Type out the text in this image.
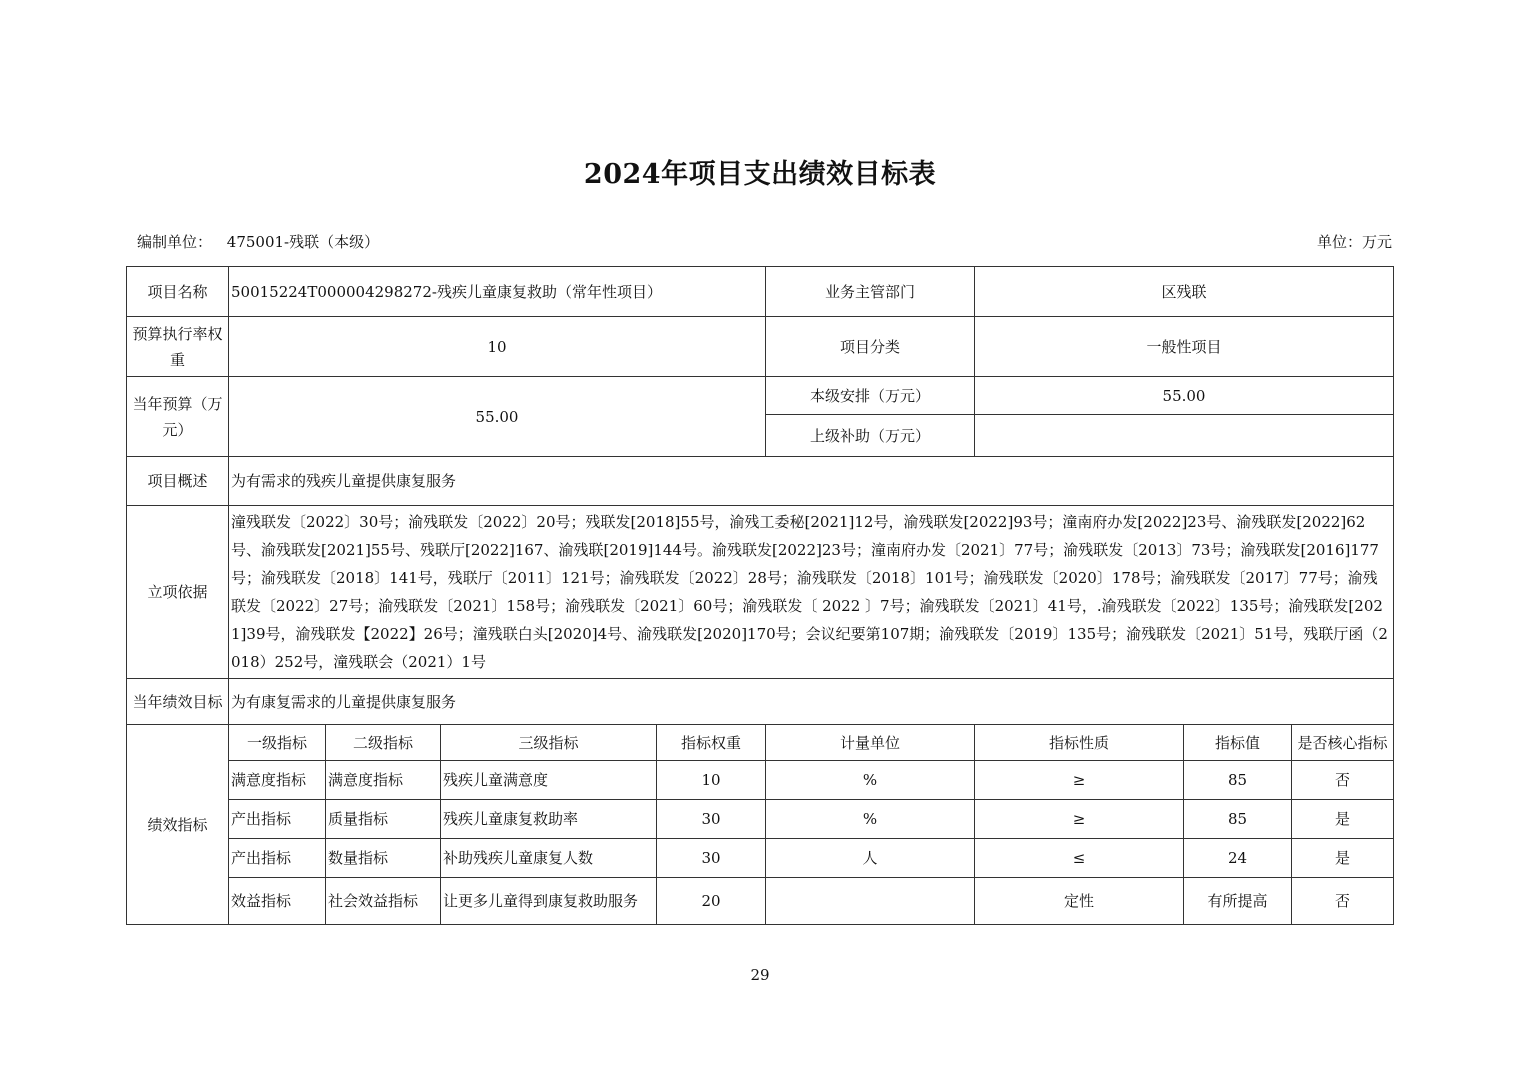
2024年项目支出绩效目标表
编制单位： 475001-残联（本级）	单位：万元
项目名称	50015224T000004298272-残疾儿童康复救助（常年性项目）				业务主管部门	区残联		
预算执行率权重	10				项目分类	一般性项目		
当年预算（万元）	55.00				本级安排（万元）	55.00		
					上级补助（万元）			
项目概述	为有需求的残疾儿童提供康复服务							
立项依据	潼残联发〔2022〕30号；渝残联发〔2022〕20号；残联发[2018]55号，渝残工委秘[2021]12号，渝残联发[2022]93号；潼南府办发[2022]23号、渝残联发[2022]62号、渝残联发[2021]55号、残联厅[2022]167、渝残联[2019]144号。渝残联发[2022]23号；潼南府办发〔2021〕77号；渝残联发〔2013〕73号；渝残联发[2016]177号；渝残联发〔2018〕141号，残联厅〔2011〕121号；渝残联发〔2022〕28号；渝残联发〔2018〕101号；渝残联发〔2020〕178号；渝残联发〔2017〕77号；渝残联发〔2022〕27号；渝残联发〔2021〕158号；渝残联发〔2021〕60号；渝残联发〔 2022 〕7号；渝残联发〔2021〕41号，.渝残联发〔2022〕135号；渝残联发[2021]39号，渝残联发【2022】26号；潼残联白头[2020]4号、渝残联发[2020]170号；会议纪要第107期；渝残联发〔2019〕135号；渝残联发〔2021〕51号，残联厅函（2018）252号，潼残联会（2021）1号							
当年绩效目标	为有康复需求的儿童提供康复服务							
绩效指标	一级指标	二级指标	三级指标	指标权重	计量单位	指标性质	指标值	是否核心指标
	满意度指标	满意度指标	残疾儿童满意度	10	%	≥	85	否
	产出指标	质量指标	残疾儿童康复救助率	30	%	≥	85	是
	产出指标	数量指标	补助残疾儿童康复人数	30	人	≤	24	是
	效益指标	社会效益指标	让更多儿童得到康复救助服务	20		定性	有所提高	否
29
